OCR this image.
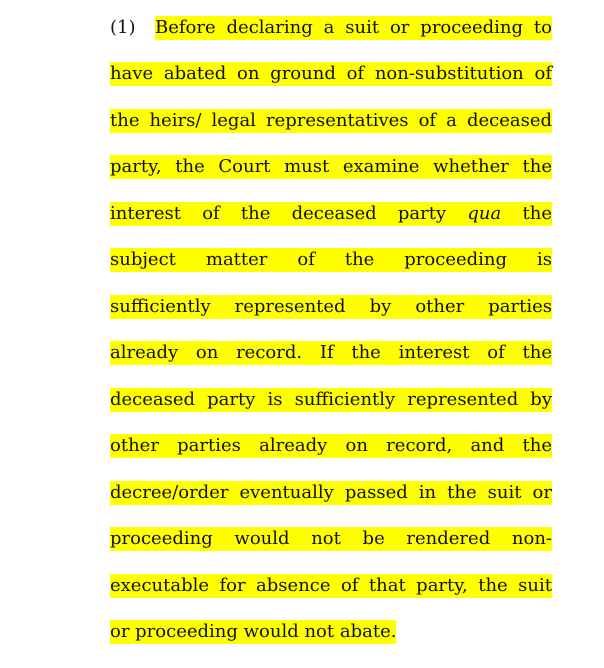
(1) Before declaring a suit or proceeding to
have abated on ground of non-substitution of
the heirs/ legal representatives of a deceased
party, the Court must examine whether the
interest of the deceased party qua the
subject matter of the proceeding is
sufficiently represented by other parties
already on record. If the interest of the
deceased party is sufficiently represented by
other parties already on record, and the
decree/order eventually passed in the suit or
proceeding would not be rendered non-
executable for absence of that party, the suit
or proceeding would not abate.
